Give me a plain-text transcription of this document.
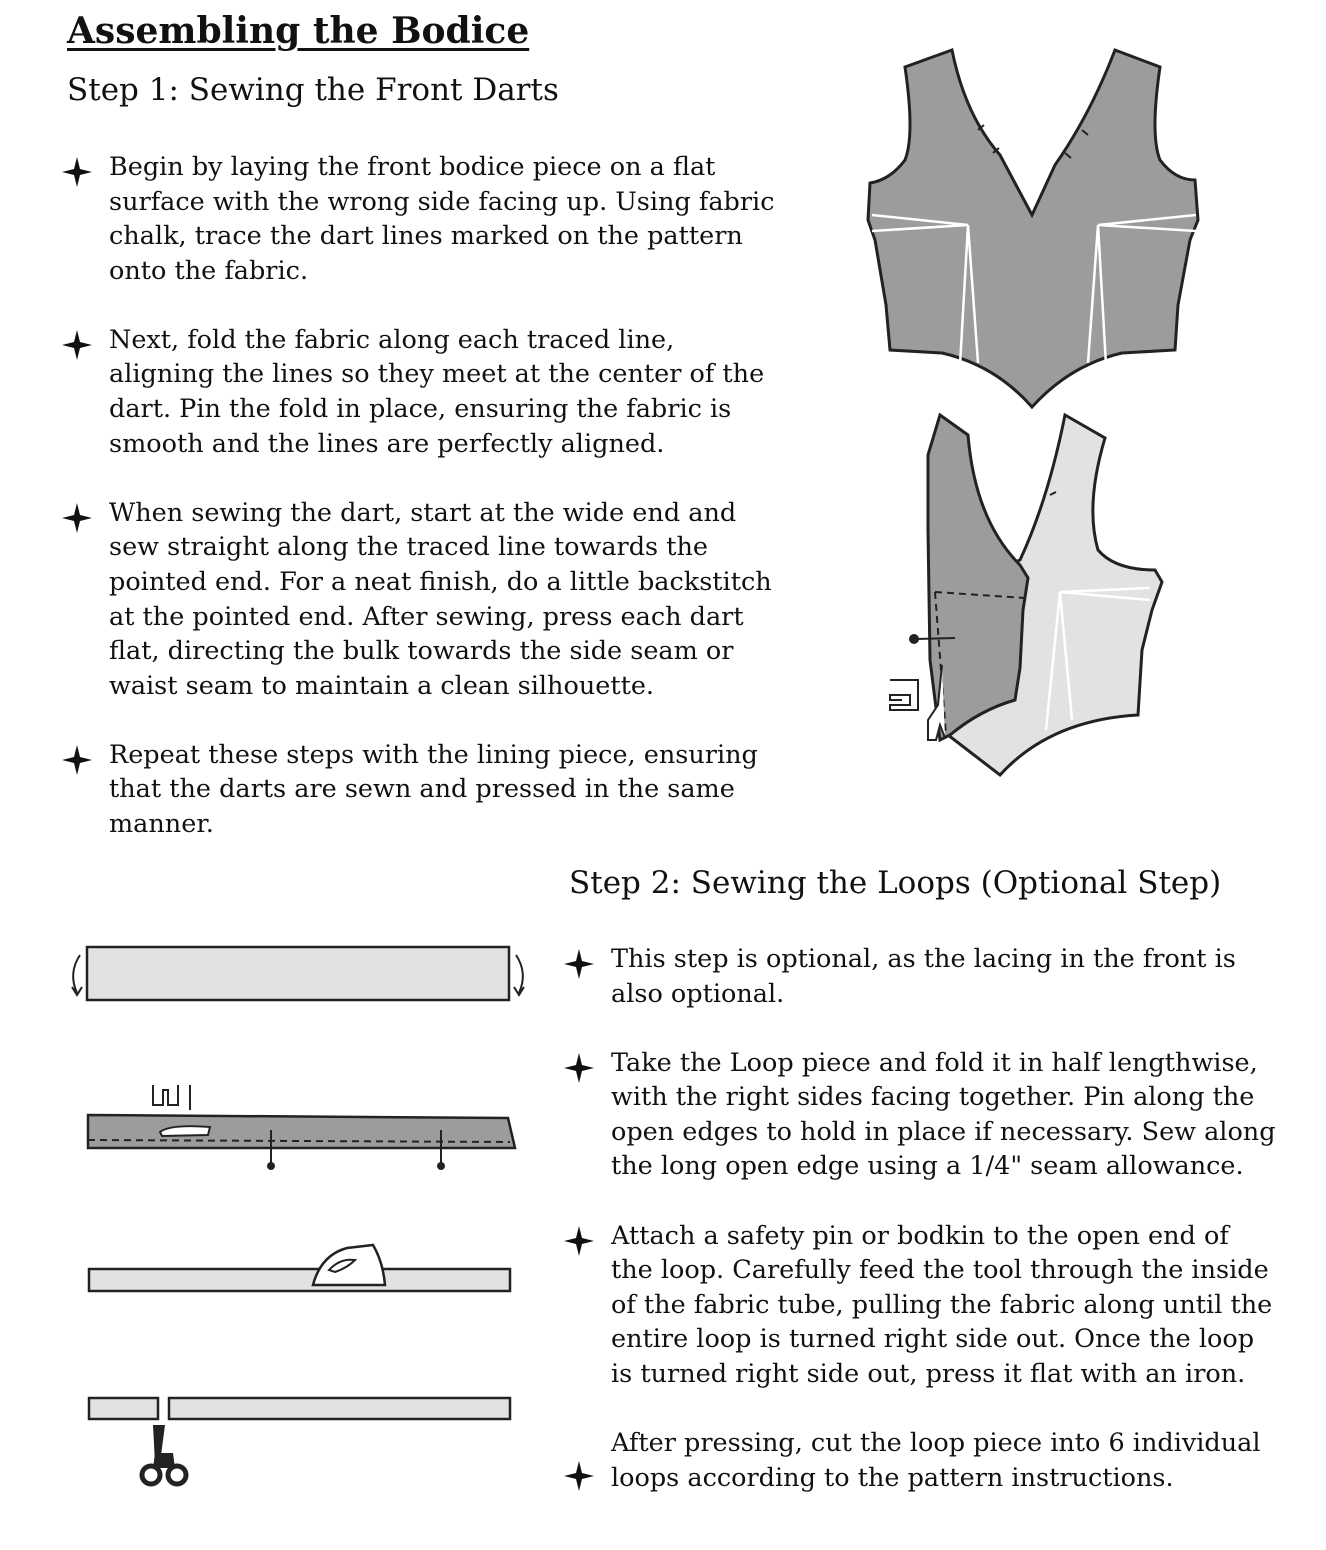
Assembling the Bodice
Step 1: Sewing the Front Darts
Begin by laying the front bodice piece on a flat surface with the wrong side facing up. Using fabric chalk, trace the dart lines marked on the pattern onto the fabric.
Next, fold the fabric along each traced line, aligning the lines so they meet at the center of the dart. Pin the fold in place, ensuring the fabric is smooth and the lines are perfectly aligned.
When sewing the dart, start at the wide end and sew straight along the traced line towards the pointed end. For a neat finish, do a little backstitch at the pointed end. After sewing, press each dart flat, directing the bulk towards the side seam or waist seam to maintain a clean silhouette.
Repeat these steps with the lining piece, ensuring that the darts are sewn and pressed in the same manner.
Step 2: Sewing the Loops (Optional Step)
This step is optional, as the lacing in the front is also optional.
Take the Loop piece and fold it in half lengthwise, with the right sides facing together. Pin along the open edges to hold in place if necessary. Sew along the long open edge using a 1/4" seam allowance.
Attach a safety pin or bodkin to the open end of the loop. Carefully feed the tool through the inside of the fabric tube, pulling the fabric along until the entire loop is turned right side out. Once the loop is turned right side out, press it flat with an iron.
After pressing, cut the loop piece into 6 individual loops according to the pattern instructions.
